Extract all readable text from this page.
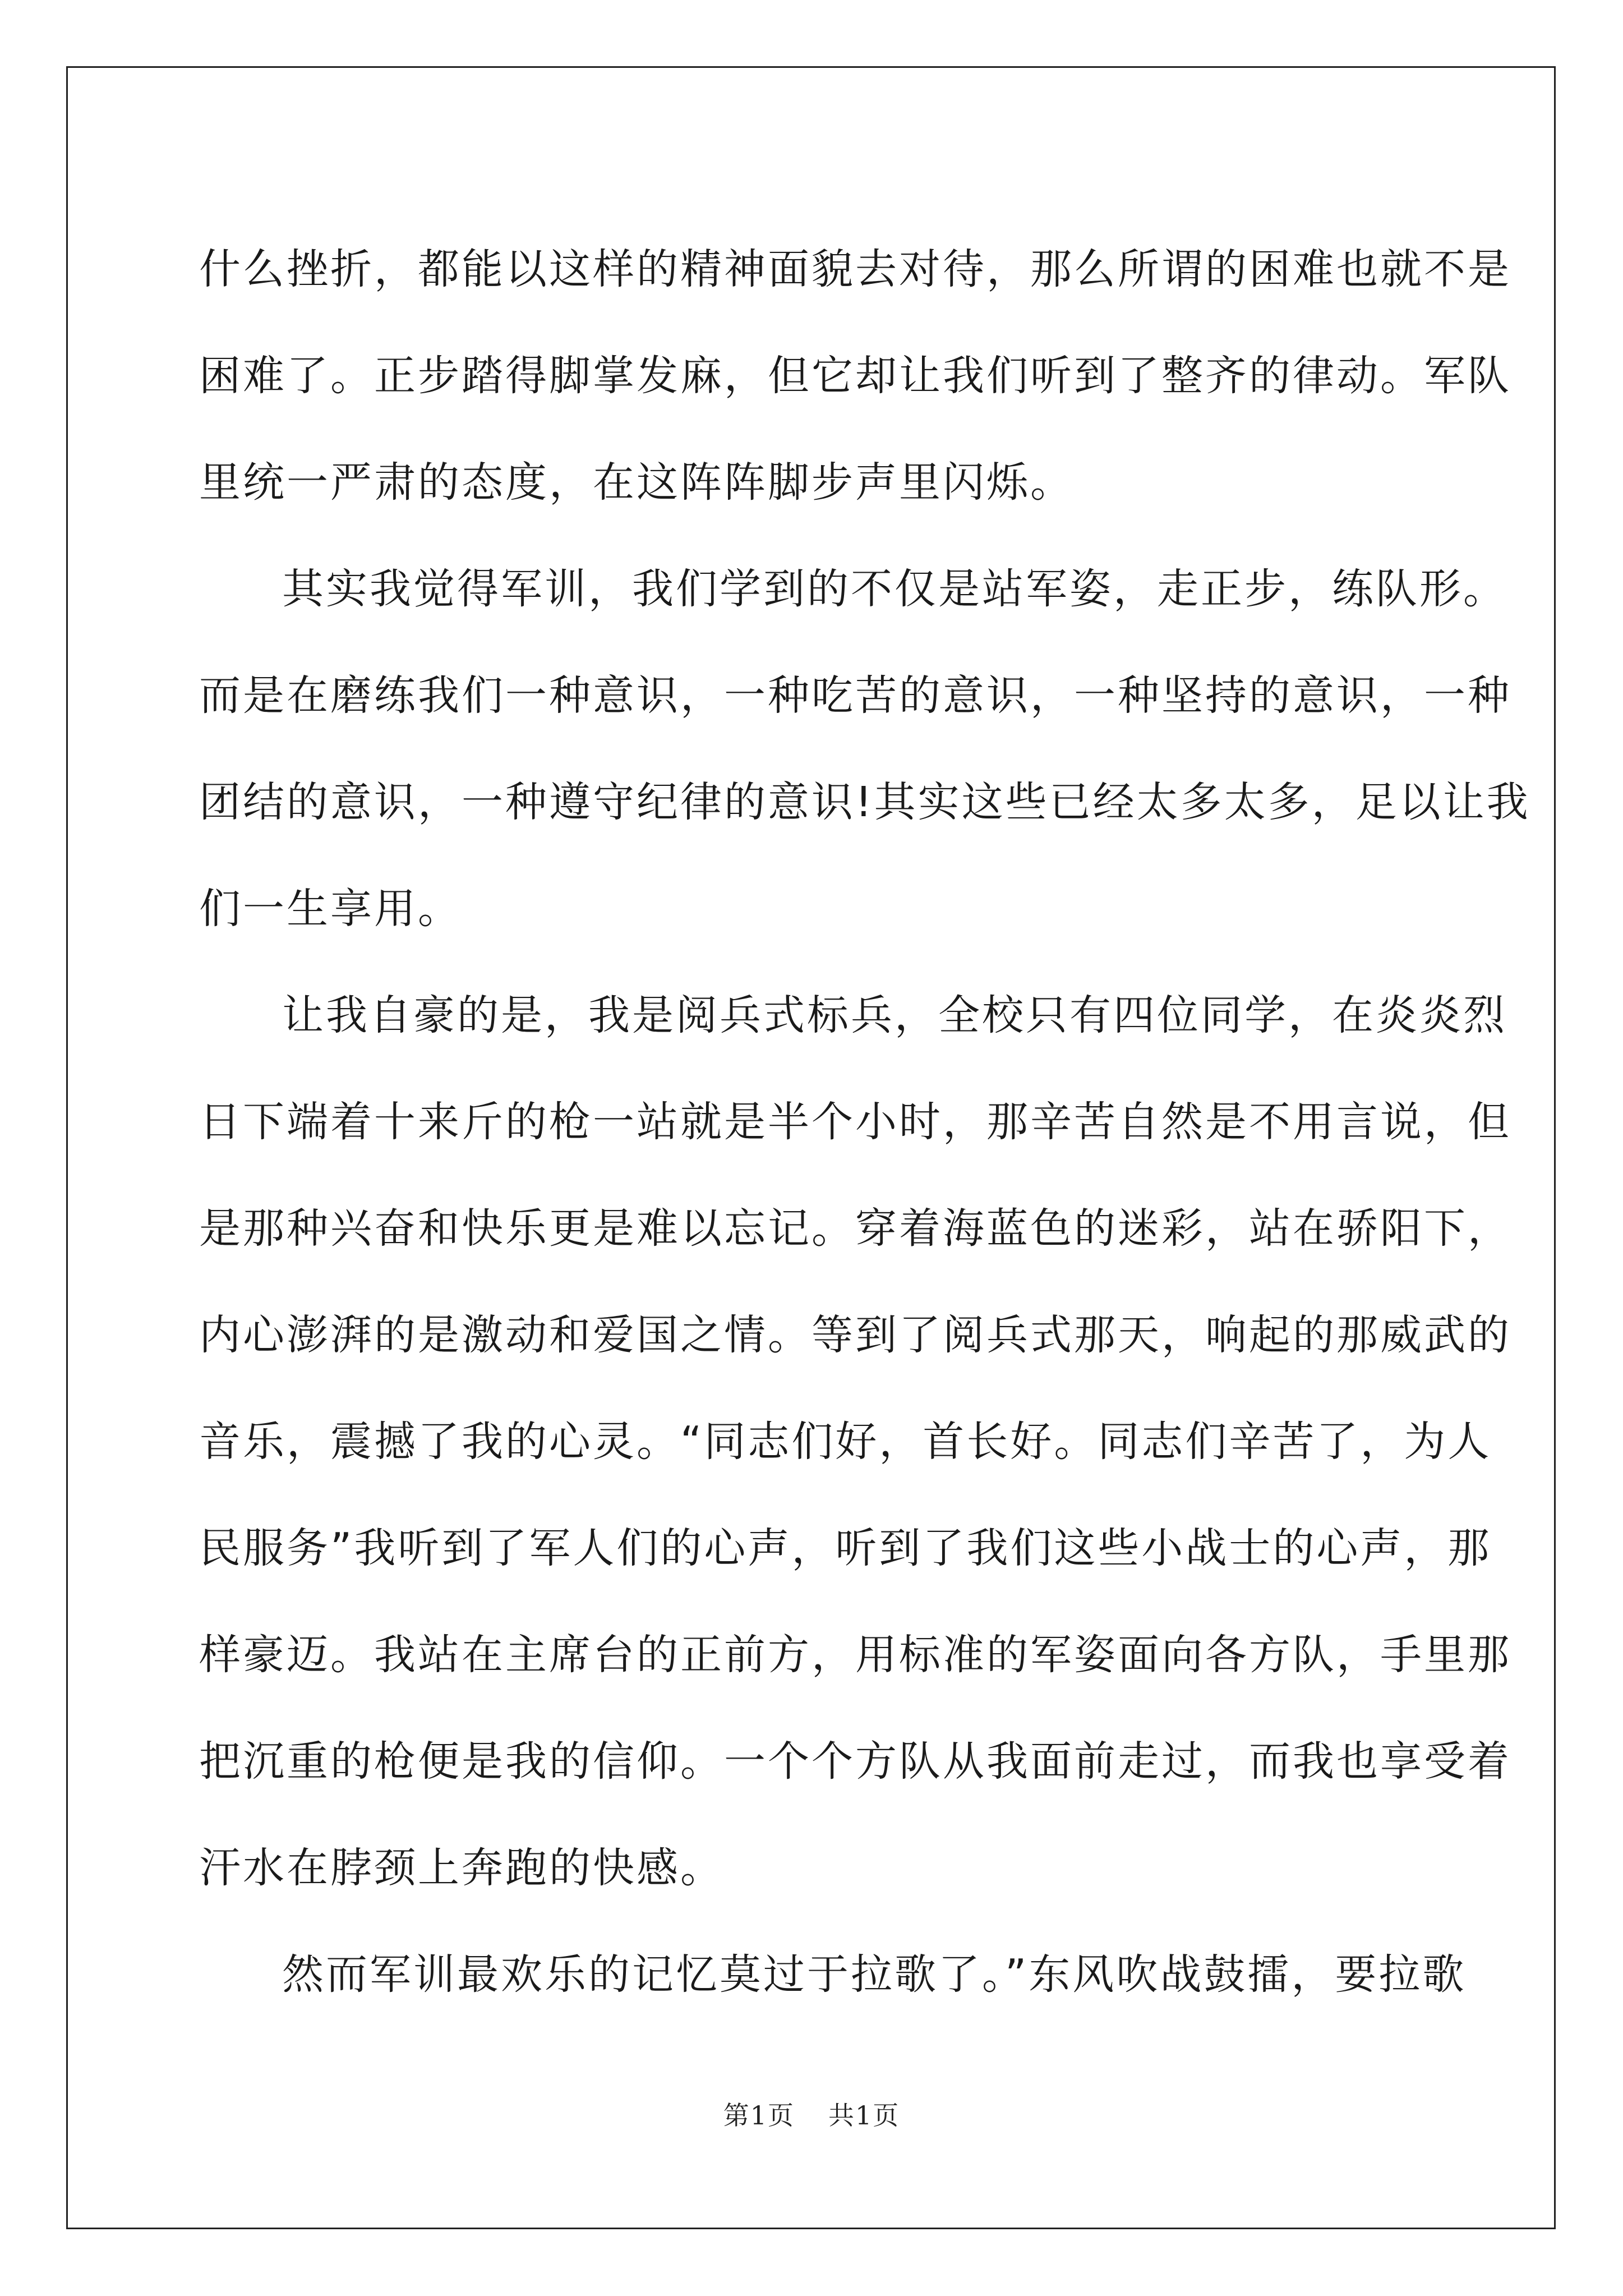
什么挫折，都能以这样的精神面貌去对待，那么所谓的困难也就不是
困难了。正步踏得脚掌发麻，但它却让我们听到了整齐的律动。军队
里统一严肃的态度，在这阵阵脚步声里闪烁。
其实我觉得军训，我们学到的不仅是站军姿，走正步，练队形。
而是在磨练我们一种意识，一种吃苦的意识，一种坚持的意识，一种
团结的意识，一种遵守纪律的意识!其实这些已经太多太多，足以让我
们一生享用。
让我自豪的是，我是阅兵式标兵，全校只有四位同学，在炎炎烈
日下端着十来斤的枪一站就是半个小时，那辛苦自然是不用言说，但
是那种兴奋和快乐更是难以忘记。穿着海蓝色的迷彩，站在骄阳下，
内心澎湃的是激动和爱国之情。等到了阅兵式那天，响起的那威武的
音乐，震撼了我的心灵。“同志们好，首长好。同志们辛苦了，为人
民服务”我听到了军人们的心声，听到了我们这些小战士的心声，那
样豪迈。我站在主席台的正前方，用标准的军姿面向各方队，手里那
把沉重的枪便是我的信仰。一个个方队从我面前走过，而我也享受着
汗水在脖颈上奔跑的快感。
然而军训最欢乐的记忆莫过于拉歌了。”东风吹战鼓擂，要拉歌
第1页 共1页
